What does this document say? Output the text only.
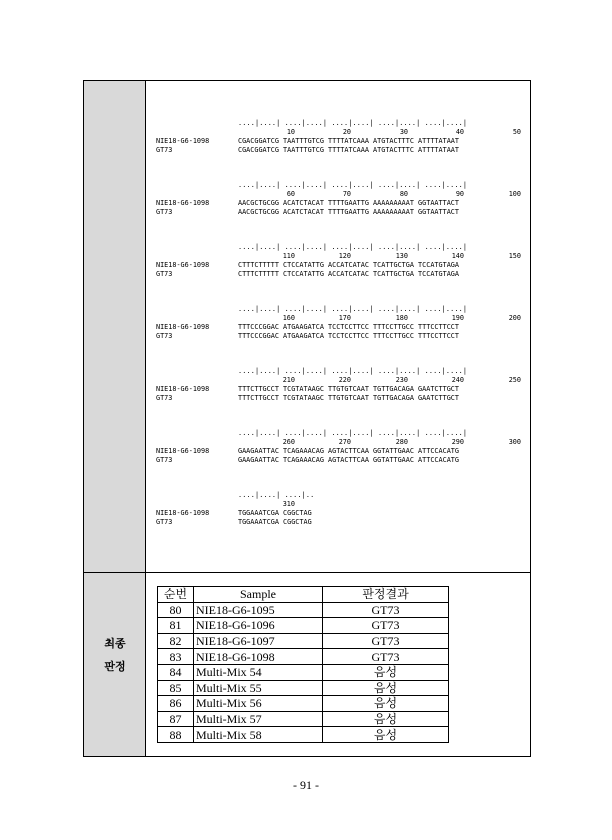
최종
판정
....|....| ....|....| ....|....| ....|....| ....|....|
10	20	30	40	50
NIE18-G6-1098	CGACGGATCG TAATTTGTCG TTTTATCAAA ATGTACTTTC ATTTTATAAT
GT73	CGACGGATCG TAATTTGTCG TTTTATCAAA ATGTACTTTC ATTTTATAAT
....|....| ....|....| ....|....| ....|....| ....|....|
60	70	80	90	100
NIE18-G6-1098	AACGCTGCGG ACATCTACAT TTTTGAATTG AAAAAAAAAT GGTAATTACT
GT73	AACGCTGCGG ACATCTACAT TTTTGAATTG AAAAAAAAAT GGTAATTACT
....|....| ....|....| ....|....| ....|....| ....|....|
110	120	130	140	150
NIE18-G6-1098	CTTTCTTTTT CTCCATATTG ACCATCATAC TCATTGCTGA TCCATGTAGA
GT73	CTTTCTTTTT CTCCATATTG ACCATCATAC TCATTGCTGA TCCATGTAGA
....|....| ....|....| ....|....| ....|....| ....|....|
160	170	180	190	200
NIE18-G6-1098	TTTCCCGGAC ATGAAGATCA TCCTCCTTCC TTTCCTTGCC TTTCCTTCCT
GT73	TTTCCCGGAC ATGAAGATCA TCCTCCTTCC TTTCCTTGCC TTTCCTTCCT
....|....| ....|....| ....|....| ....|....| ....|....|
210	220	230	240	250
NIE18-G6-1098	TTTCTTGCCT TCGTATAAGC TTGTGTCAAT TGTTGACAGA GAATCTTGCT
GT73	TTTCTTGCCT TCGTATAAGC TTGTGTCAAT TGTTGACAGA GAATCTTGCT
....|....| ....|....| ....|....| ....|....| ....|....|
260	270	280	290	300
NIE18-G6-1098	GAAGAATTAC TCAGAAACAG AGTACTTCAA GGTATTGAAC ATTCCACATG
GT73	GAAGAATTAC TCAGAAACAG AGTACTTCAA GGTATTGAAC ATTCCACATG
....|....| ....|..
310
NIE18-G6-1098	TGGAAATCGA CGGCTAG
GT73	TGGAAATCGA CGGCTAG
순번	Sample	판정결과
80	NIE18-G6-1095	GT73
81	NIE18-G6-1096	GT73
82	NIE18-G6-1097	GT73
83	NIE18-G6-1098	GT73
84	Multi-Mix 54	음성
85	Multi-Mix 55	음성
86	Multi-Mix 56	음성
87	Multi-Mix 57	음성
88	Multi-Mix 58	음성
- 91 -
